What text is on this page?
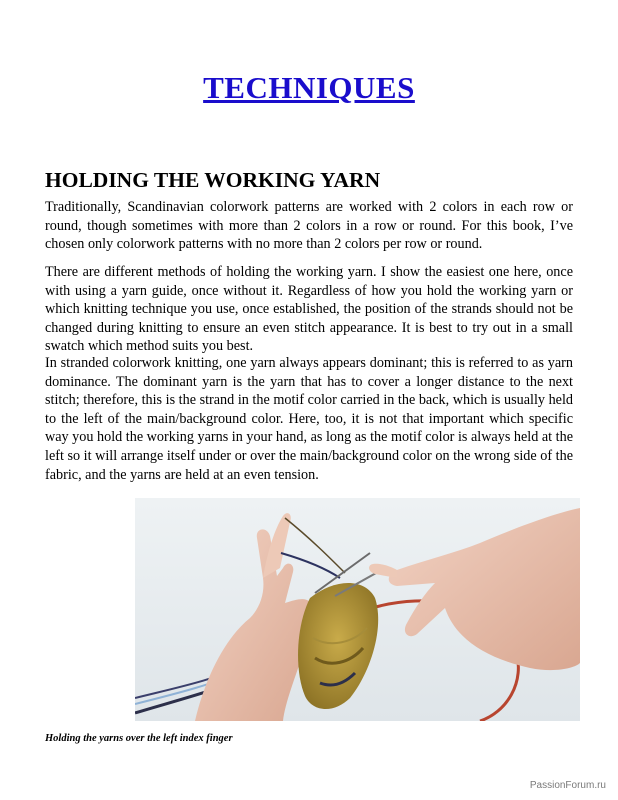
TECHNIQUES
HOLDING THE WORKING YARN

Traditionally, Scandinavian colorwork patterns are worked with 2 colors in each row or round, though sometimes with more than 2 colors in a row or round. For this book, I’ve chosen only colorwork patterns with no more than 2 colors per row or round.

There are different methods of holding the working yarn. I show the easiest one here, once with using a yarn guide, once without it. Regardless of how you hold the working yarn or which knitting technique you use, once established, the position of the strands should not be changed during knitting to ensure an even stitch appearance. It is best to try out in a small swatch which method suits you best.

In stranded colorwork knitting, one yarn always appears dominant; this is referred to as yarn dominance. The dominant yarn is the yarn that has to cover a longer distance to the next stitch; therefore, this is the strand in the motif color carried in the back, which is usually held to the left of the main/background color. Here, too, it is not that important which specific way you hold the working yarns in your hand, as long as the motif color is always held at the left so it will arrange itself under or over the main/background color on the wrong side of the fabric, and the yarns are held at an even tension.

Holding the yarns over the left index finger
PassionForum.ru
